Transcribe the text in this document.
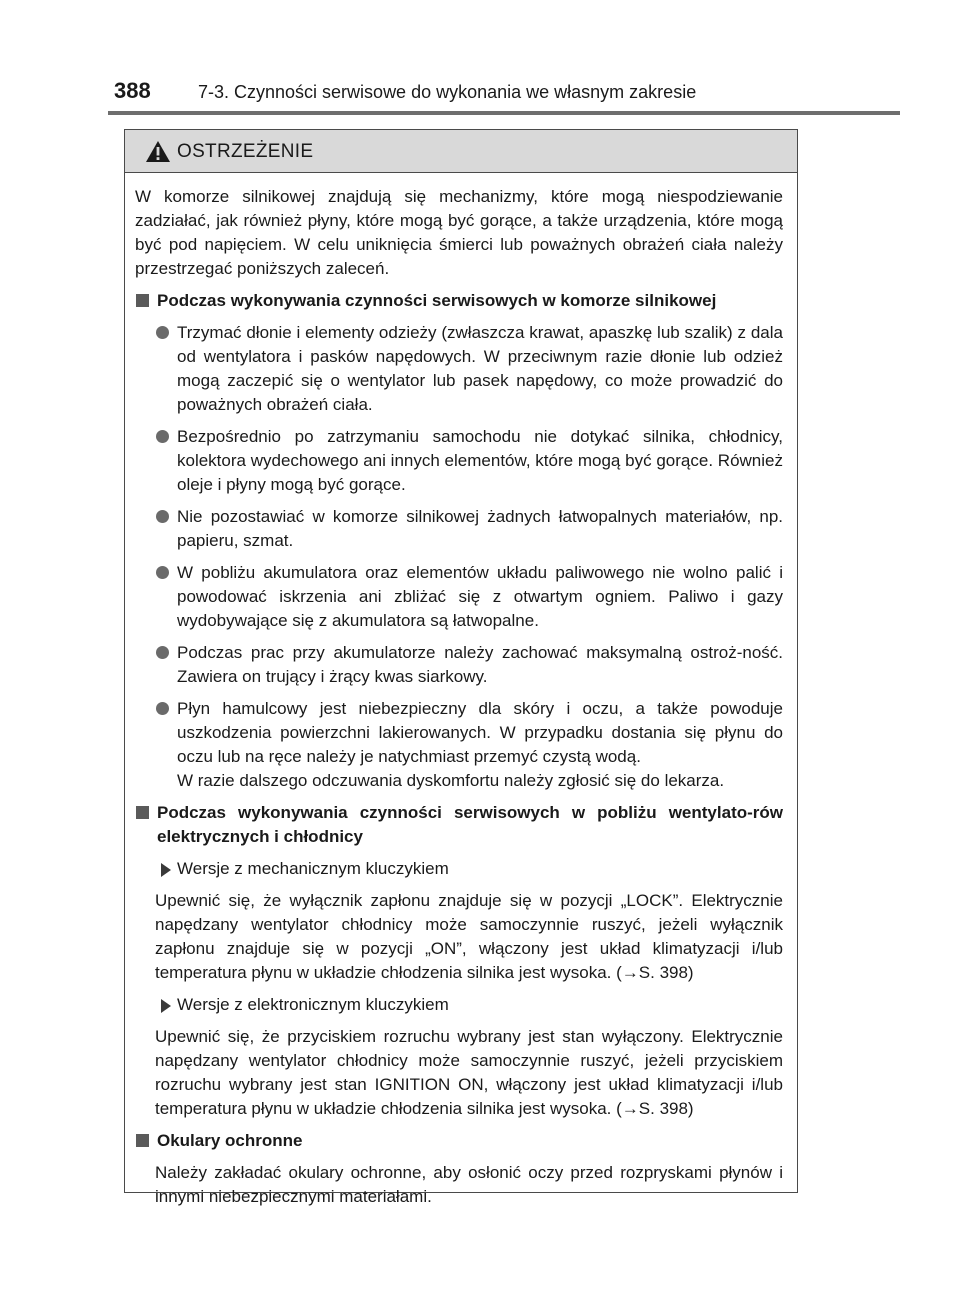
388	7-3. Czynności serwisowe do wykonania we własnym zakresie
OSTRZEŻENIE

W komorze silnikowej znajdują się mechanizmy, które mogą niespodziewanie zadziałać, jak również płyny, które mogą być gorące, a także urządzenia, które mogą być pod napięciem. W celu uniknięcia śmierci lub poważnych obrażeń ciała należy przestrzegać poniższych zaleceń.

Podczas wykonywania czynności serwisowych w komorze silnikowej
Trzymać dłonie i elementy odzieży (zwłaszcza krawat, apaszkę lub szalik) z dala od wentylatora i pasków napędowych. W przeciwnym razie dłonie lub odzież mogą zaczepić się o wentylator lub pasek napędowy, co może prowadzić do poważnych obrażeń ciała.
Bezpośrednio po zatrzymaniu samochodu nie dotykać silnika, chłodnicy, kolektora wydechowego ani innych elementów, które mogą być gorące. Również oleje i płyny mogą być gorące.
Nie pozostawiać w komorze silnikowej żadnych łatwopalnych materiałów, np. papieru, szmat.
W pobliżu akumulatora oraz elementów układu paliwowego nie wolno palić i powodować iskrzenia ani zbliżać się z otwartym ogniem. Paliwo i gazy wydobywające się z akumulatora są łatwopalne.
Podczas prac przy akumulatorze należy zachować maksymalną ostroż-ność. Zawiera on trujący i żrący kwas siarkowy.
Płyn hamulcowy jest niebezpieczny dla skóry i oczu, a także powoduje uszkodzenia powierzchni lakierowanych. W przypadku dostania się płynu do oczu lub na ręce należy je natychmiast przemyć czystą wodą.

W razie dalszego odczuwania dyskomfortu należy zgłosić się do lekarza.

Podczas wykonywania czynności serwisowych w pobliżu wentylato-rów elektrycznych i chłodnicy
Wersje z mechanicznym kluczykiem

Upewnić się, że wyłącznik zapłonu znajduje się w pozycji „LOCK”. Elektrycznie napędzany wentylator chłodnicy może samoczynnie ruszyć, jeżeli wyłącznik zapłonu znajduje się w pozycji „ON”, włączony jest układ klimatyzacji i/lub temperatura płynu w układzie chłodzenia silnika jest wysoka. (→S. 398)

Wersje z elektronicznym kluczykiem

Upewnić się, że przyciskiem rozruchu wybrany jest stan wyłączony. Elektrycznie napędzany wentylator chłodnicy może samoczynnie ruszyć, jeżeli przyciskiem rozruchu wybrany jest stan IGNITION ON, włączony jest układ klimatyzacji i/lub temperatura płynu w układzie chłodzenia silnika jest wysoka. (→S. 398)

Okulary ochronne

Należy zakładać okulary ochronne, aby osłonić oczy przed rozpryskami płynów i innymi niebezpiecznymi materiałami.
